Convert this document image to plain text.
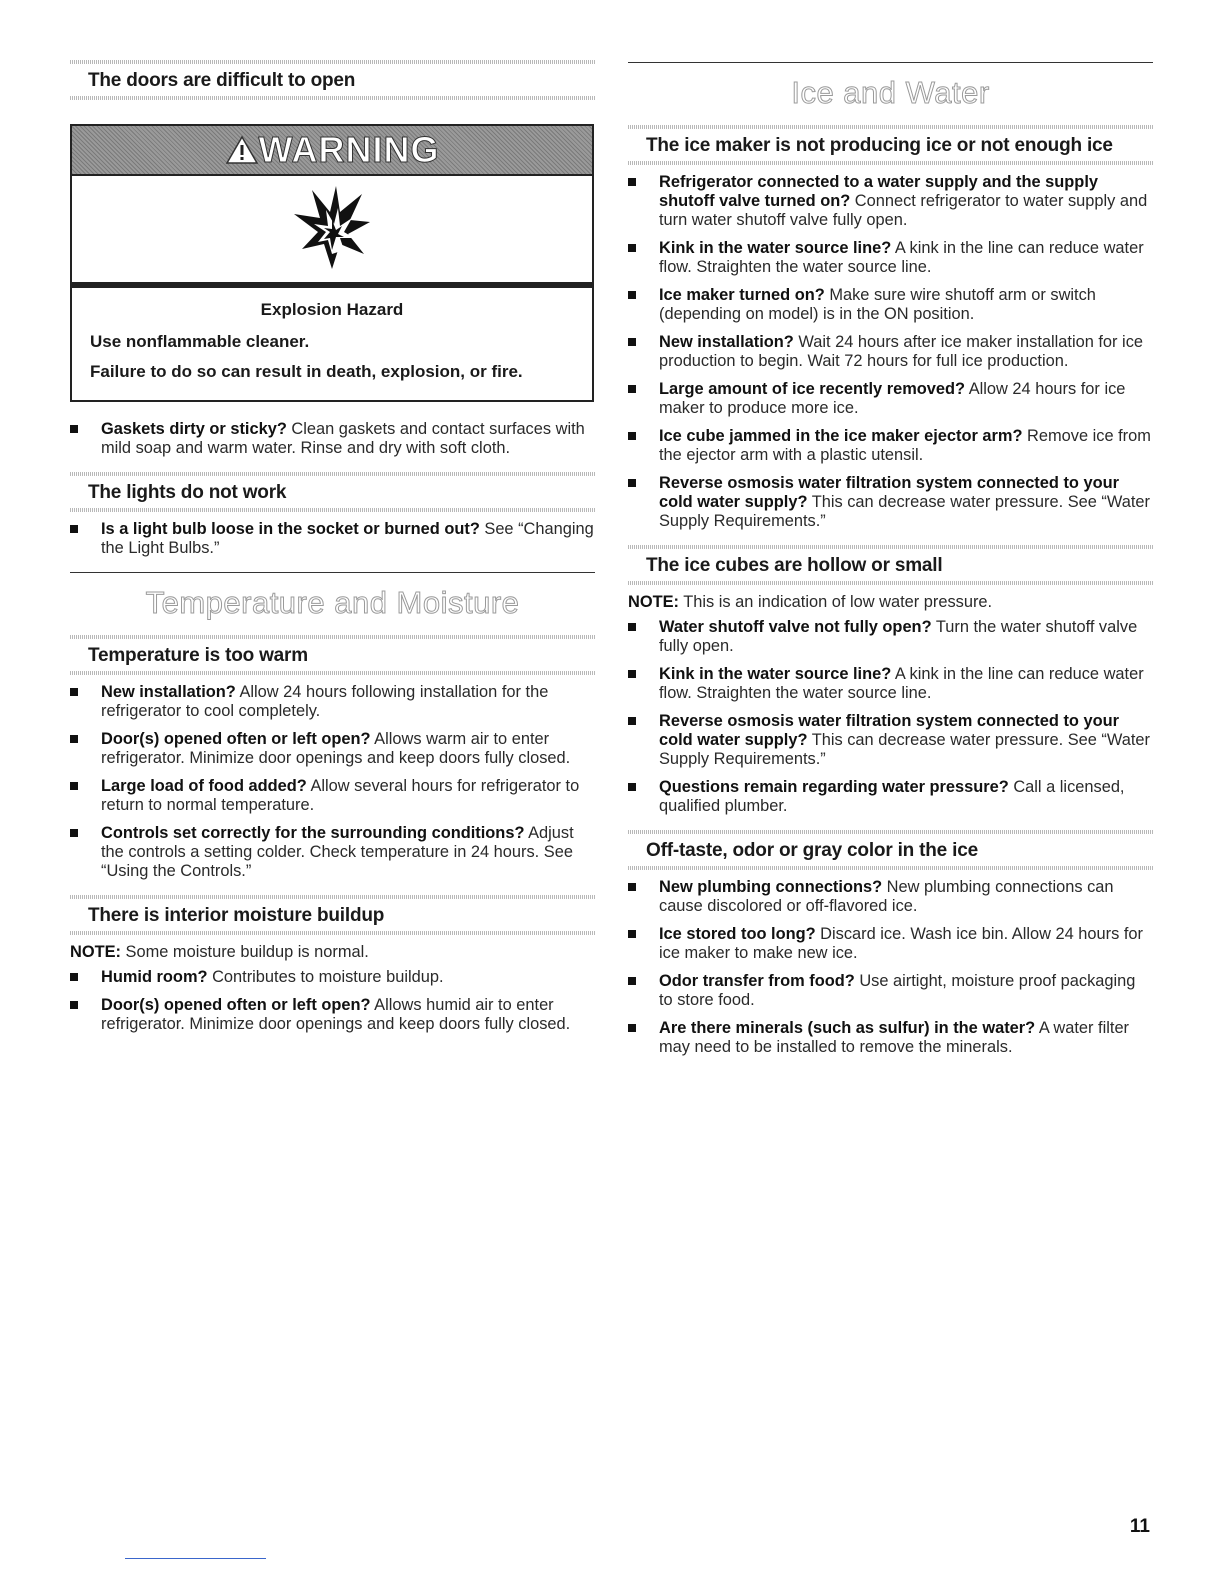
The doors are difficult to open
WARNING
Explosion Hazard

Use nonflammable cleaner.

Failure to do so can result in death, explosion, or fire.

Gaskets dirty or sticky? Clean gaskets and contact surfaces with mild soap and warm water. Rinse and dry with soft cloth.
The lights do not work
Is a light bulb loose in the socket or burned out? See “Changing the Light Bulbs.”
Temperature and Moisture
Temperature is too warm
New installation? Allow 24 hours following installation for the refrigerator to cool completely.
Door(s) opened often or left open? Allows warm air to enter refrigerator. Minimize door openings and keep doors fully closed.
Large load of food added? Allow several hours for refrigerator to return to normal temperature.
Controls set correctly for the surrounding conditions? Adjust the controls a setting colder. Check temperature in 24 hours. See “Using the Controls.”
There is interior moisture buildup

NOTE: Some moisture buildup is normal.

Humid room? Contributes to moisture buildup.
Door(s) opened often or left open? Allows humid air to enter refrigerator. Minimize door openings and keep doors fully closed.
Ice and Water
The ice maker is not producing ice or not enough ice
Refrigerator connected to a water supply and the supply shutoff valve turned on? Connect refrigerator to water supply and turn water shutoff valve fully open.
Kink in the water source line? A kink in the line can reduce water flow. Straighten the water source line.
Ice maker turned on? Make sure wire shutoff arm or switch (depending on model) is in the ON position.
New installation? Wait 24 hours after ice maker installation for ice production to begin. Wait 72 hours for full ice production.
Large amount of ice recently removed? Allow 24 hours for ice maker to produce more ice.
Ice cube jammed in the ice maker ejector arm? Remove ice from the ejector arm with a plastic utensil.
Reverse osmosis water filtration system connected to your cold water supply? This can decrease water pressure. See “Water Supply Requirements.”
The ice cubes are hollow or small

NOTE: This is an indication of low water pressure.

Water shutoff valve not fully open? Turn the water shutoff valve fully open.
Kink in the water source line? A kink in the line can reduce water flow. Straighten the water source line.
Reverse osmosis water filtration system connected to your cold water supply? This can decrease water pressure. See “Water Supply Requirements.”
Questions remain regarding water pressure? Call a licensed, qualified plumber.
Off-taste, odor or gray color in the ice
New plumbing connections? New plumbing connections can cause discolored or off-flavored ice.
Ice stored too long? Discard ice. Wash ice bin. Allow 24 hours for ice maker to make new ice.
Odor transfer from food? Use airtight, moisture proof packaging to store food.
Are there minerals (such as sulfur) in the water? A water filter may need to be installed to remove the minerals.
11
